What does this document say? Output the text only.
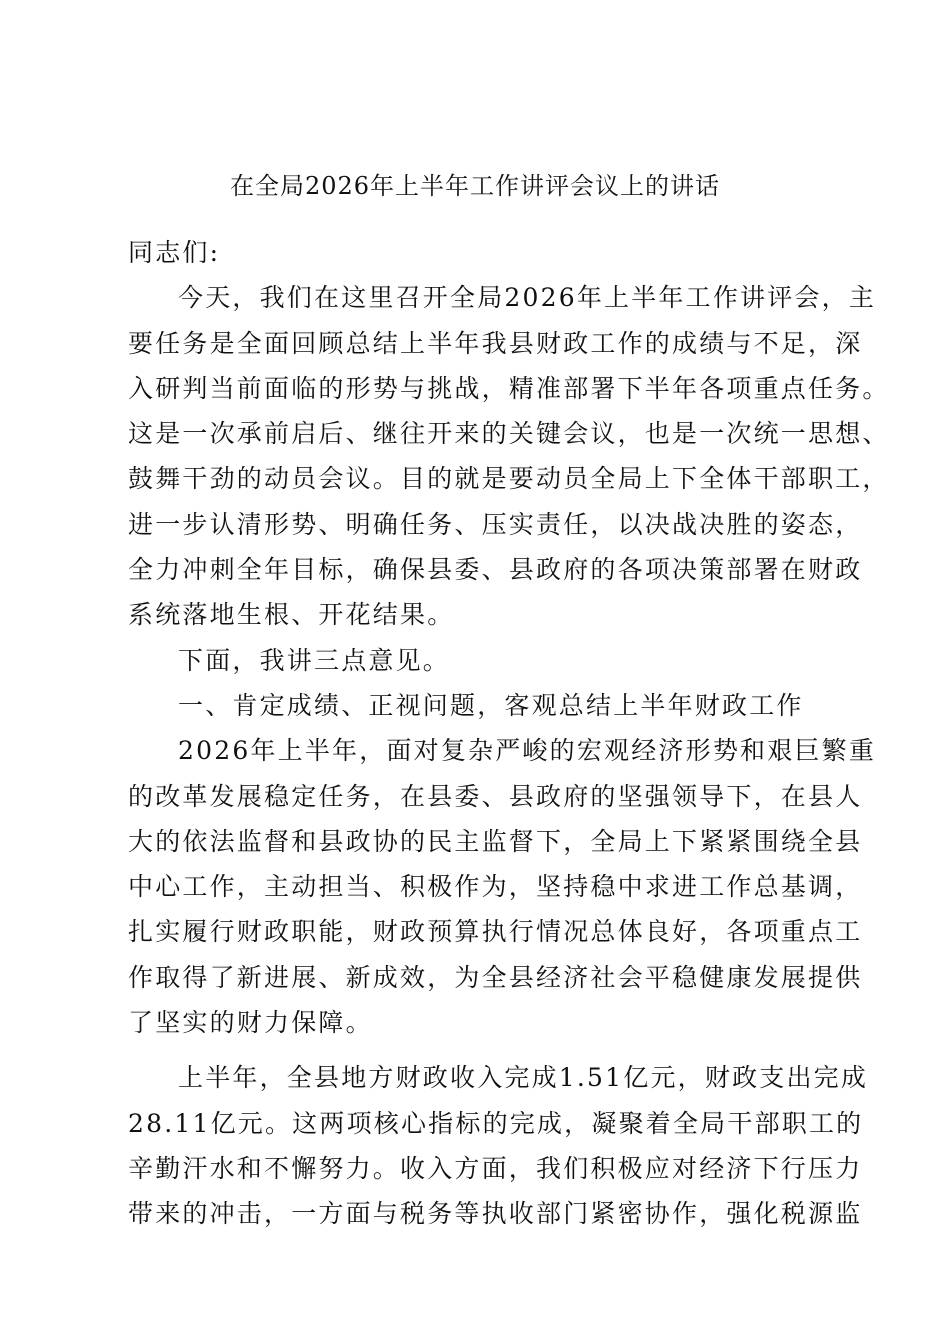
在全局2026年上半年工作讲评会议上的讲话
同志们:
今天，我们在这里召开全局2026年上半年工作讲评会，主
要任务是全面回顾总结上半年我县财政工作的成绩与不足，深
入研判当前面临的形势与挑战，精准部署下半年各项重点任务。
这是一次承前启后、继往开来的关键会议，也是一次统一思想、
鼓舞干劲的动员会议。目的就是要动员全局上下全体干部职工，
进一步认清形势、明确任务、压实责任，以决战决胜的姿态，
全力冲刺全年目标，确保县委、县政府的各项决策部署在财政
系统落地生根、开花结果。
下面，我讲三点意见。
一、肯定成绩、正视问题，客观总结上半年财政工作
2026年上半年，面对复杂严峻的宏观经济形势和艰巨繁重
的改革发展稳定任务，在县委、县政府的坚强领导下，在县人
大的依法监督和县政协的民主监督下，全局上下紧紧围绕全县
中心工作，主动担当、积极作为，坚持稳中求进工作总基调，
扎实履行财政职能，财政预算执行情况总体良好，各项重点工
作取得了新进展、新成效，为全县经济社会平稳健康发展提供
了坚实的财力保障。
上半年，全县地方财政收入完成1.51亿元，财政支出完成
28.11亿元。这两项核心指标的完成，凝聚着全局干部职工的
辛勤汗水和不懈努力。收入方面，我们积极应对经济下行压力
带来的冲击，一方面与税务等执收部门紧密协作，强化税源监
